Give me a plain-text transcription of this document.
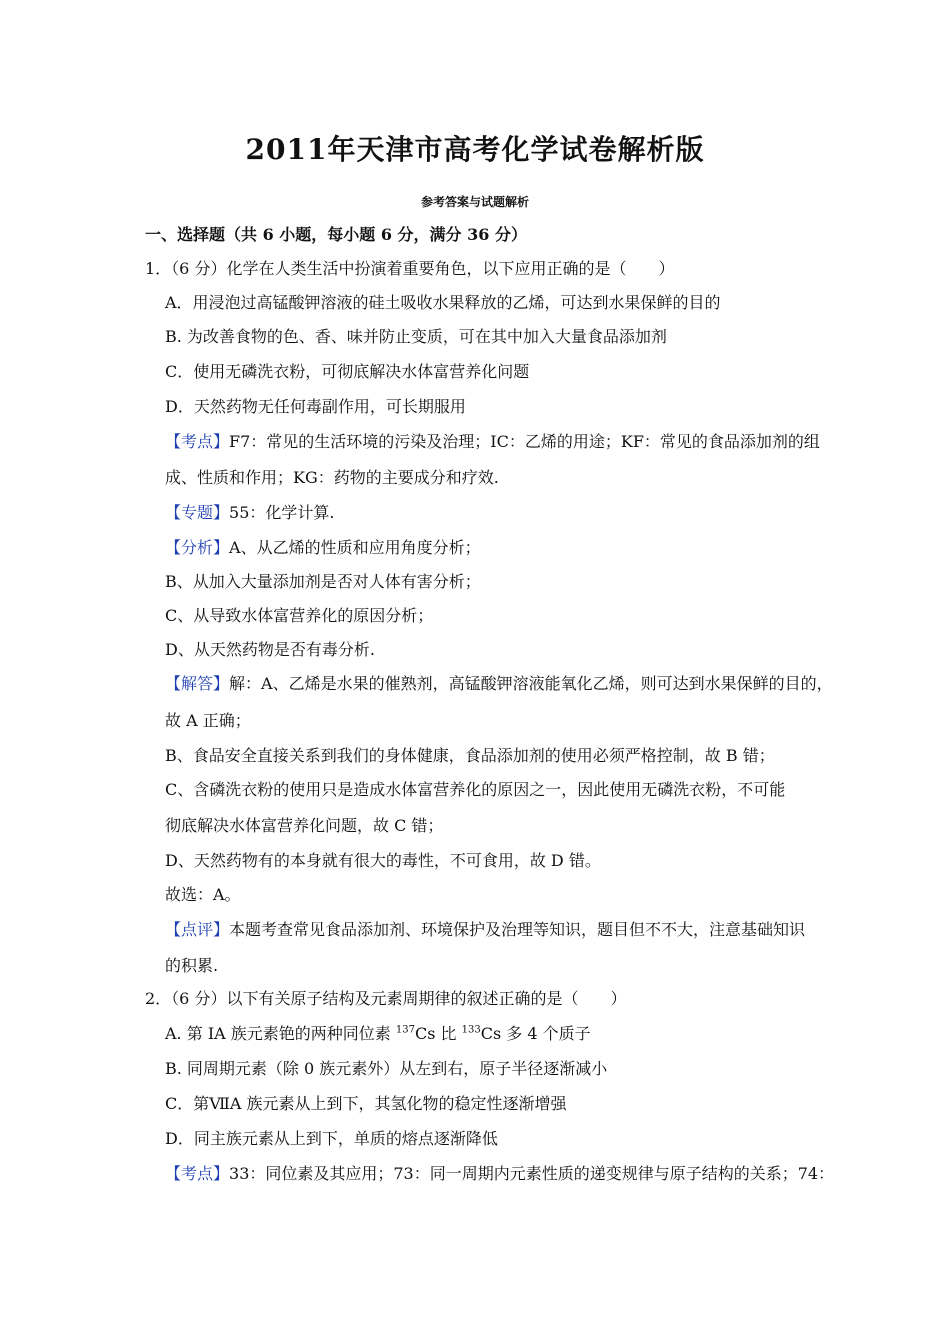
2011年天津市高考化学试卷解析版
参考答案与试题解析
一、选择题（共 6 小题，每小题 6 分，满分 36 分）
1．（6 分）化学在人类生活中扮演着重要角色，以下应用正确的是（　　）
A．用浸泡过高锰酸钾溶液的硅土吸收水果释放的乙烯，可达到水果保鲜的目的
B. 为改善食物的色、香、味并防止变质，可在其中加入大量食品添加剂
C．使用无磷洗衣粉，可彻底解决水体富营养化问题
D．天然药物无任何毒副作用，可长期服用
【考点】F7：常见的生活环境的污染及治理；IC：乙烯的用途；KF：常见的食品添加剂的组
成、性质和作用；KG：药物的主要成分和疗效.
【专题】55：化学计算.
【分析】A、从乙烯的性质和应用角度分析；
B、从加入大量添加剂是否对人体有害分析；
C、从导致水体富营养化的原因分析；
D、从天然药物是否有毒分析.
【解答】解：A、乙烯是水果的催熟剂，高锰酸钾溶液能氧化乙烯，则可达到水果保鲜的目的，
故 A 正确；
B、食品安全直接关系到我们的身体健康，食品添加剂的使用必须严格控制，故 B 错；
C、含磷洗衣粉的使用只是造成水体富营养化的原因之一，因此使用无磷洗衣粉，不可能
彻底解决水体富营养化问题，故 C 错；
D、天然药物有的本身就有很大的毒性，不可食用，故 D 错。
故选：A。
【点评】本题考查常见食品添加剂、环境保护及治理等知识，题目但不不大，注意基础知识
的积累.
2．（6 分）以下有关原子结构及元素周期律的叙述正确的是（　　）
A. 第 IA 族元素铯的两种同位素 $^{137}$Cs 比 $^{133}$Cs 多 4 个质子
B. 同周期元素（除 0 族元素外）从左到右，原子半径逐渐减小
C．第ⅦA 族元素从上到下，其氢化物的稳定性逐渐增强
D．同主族元素从上到下，单质的熔点逐渐降低
【考点】33：同位素及其应用；73：同一周期内元素性质的递变规律与原子结构的关系；74：
